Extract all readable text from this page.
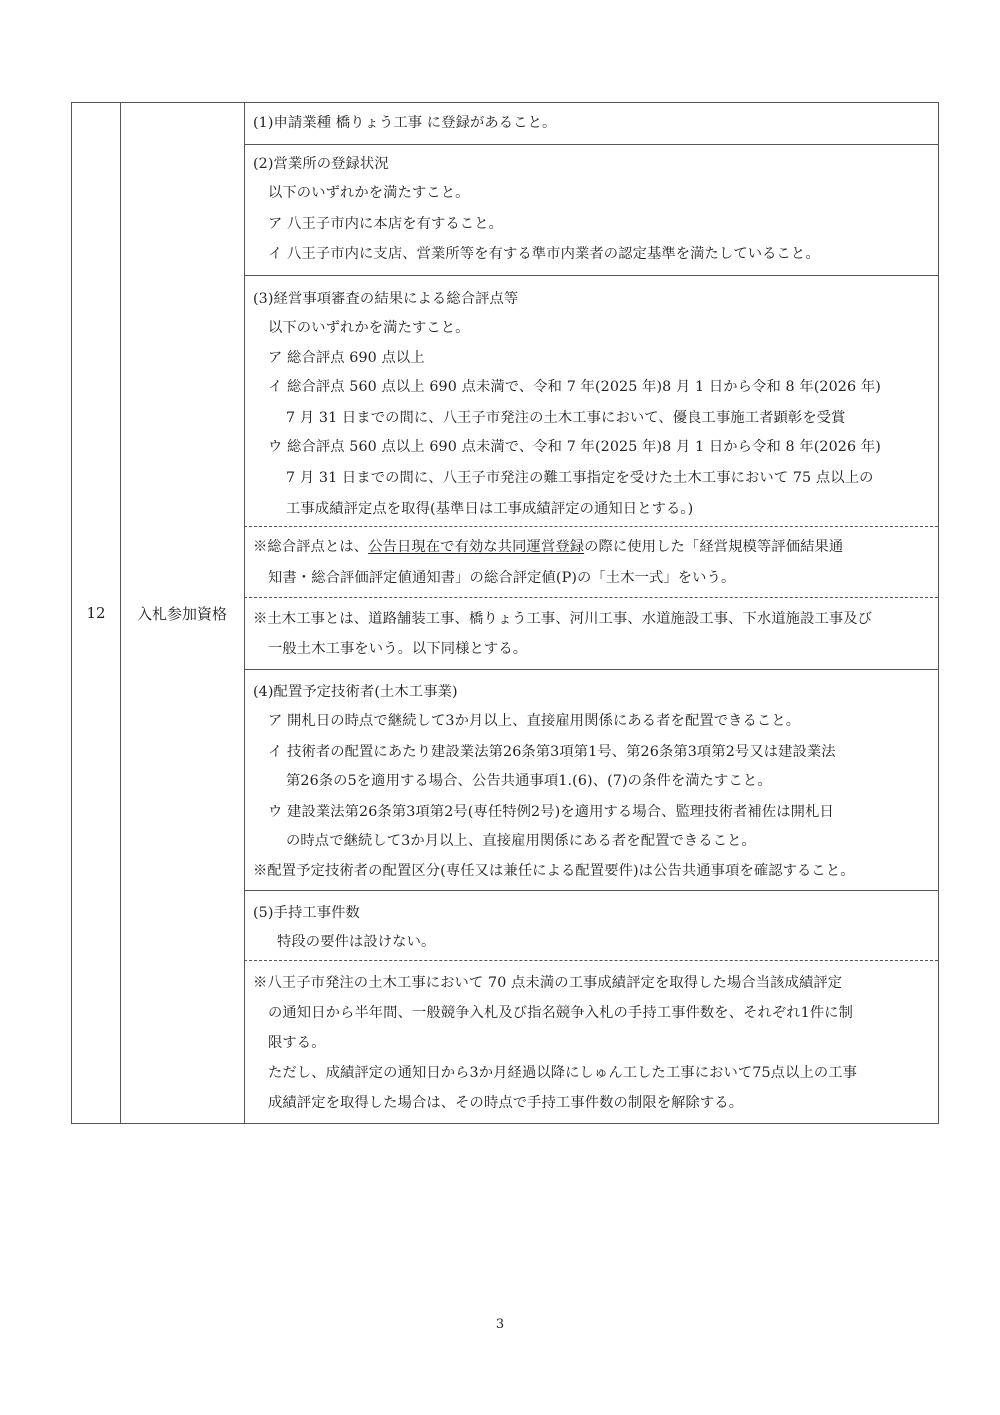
12	入札参加資格
(1)申請業種 橋りょう工事 に登録があること。
(2)営業所の登録状況
以下のいずれかを満たすこと。
ア 八王子市内に本店を有すること。
イ 八王子市内に支店、営業所等を有する準市内業者の認定基準を満たしていること。
(3)経営事項審査の結果による総合評点等
以下のいずれかを満たすこと。
ア 総合評点 690 点以上
イ 総合評点 560 点以上 690 点未満で、令和 7 年(2025 年)8 月 1 日から令和 8 年(2026 年)
7 月 31 日までの間に、八王子市発注の土木工事において、優良工事施工者顕彰を受賞
ウ 総合評点 560 点以上 690 点未満で、令和 7 年(2025 年)8 月 1 日から令和 8 年(2026 年)
7 月 31 日までの間に、八王子市発注の難工事指定を受けた土木工事において 75 点以上の
工事成績評定点を取得(基準日は工事成績評定の通知日とする。)
※総合評点とは、公告日現在で有効な共同運営登録の際に使用した「経営規模等評価結果通
知書・総合評価評定値通知書」の総合評定値(P)の「土木一式」をいう。
※土木工事とは、道路舗装工事、橋りょう工事、河川工事、水道施設工事、下水道施設工事及び
一般土木工事をいう。以下同様とする。
(4)配置予定技術者(土木工事業)
ア 開札日の時点で継続して3か月以上、直接雇用関係にある者を配置できること。
イ 技術者の配置にあたり建設業法第26条第3項第1号、第26条第3項第2号又は建設業法
第26条の5を適用する場合、公告共通事項1.(6)、(7)の条件を満たすこと。
ウ 建設業法第26条第3項第2号(専任特例2号)を適用する場合、監理技術者補佐は開札日
の時点で継続して3か月以上、直接雇用関係にある者を配置できること。
※配置予定技術者の配置区分(専任又は兼任による配置要件)は公告共通事項を確認すること。
(5)手持工事件数
特段の要件は設けない。
※八王子市発注の土木工事において 70 点未満の工事成績評定を取得した場合当該成績評定
の通知日から半年間、一般競争入札及び指名競争入札の手持工事件数を、それぞれ1件に制
限する。
ただし、成績評定の通知日から3か月経過以降にしゅん工した工事において75点以上の工事
成績評定を取得した場合は、その時点で手持工事件数の制限を解除する。
3
